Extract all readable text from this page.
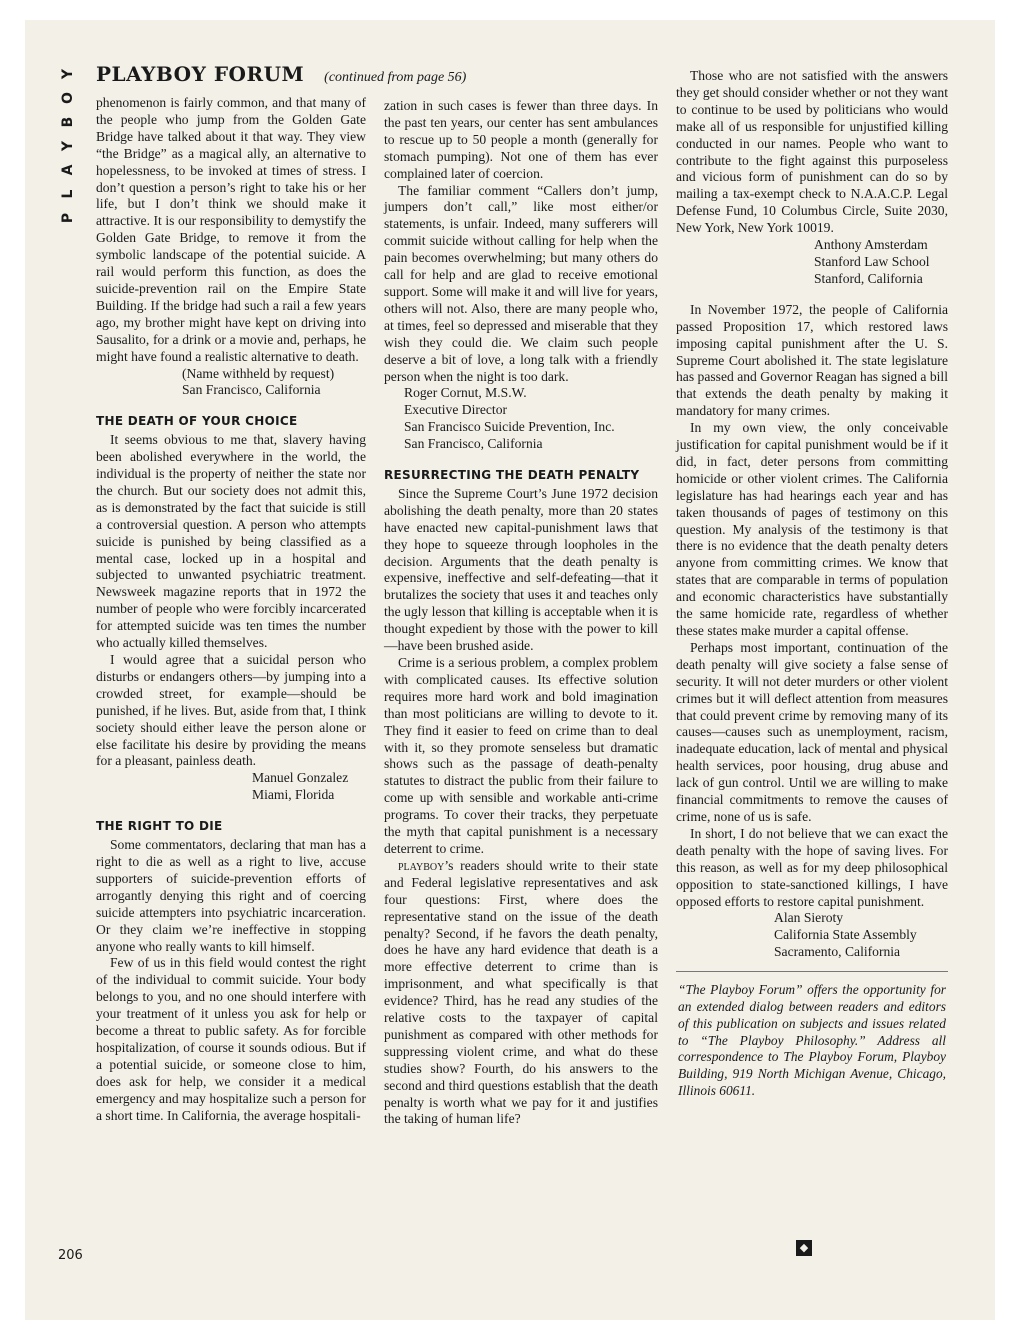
Y
O
B
Y
A
L
P
PLAYBOY FORUM (continued from page 56)

phenomenon is fairly common, and that many of the people who jump from the Golden Gate Bridge have talked about it that way. They view “the Bridge” as a magical ally, an alternative to hopelessness, to be invoked at times of stress. I don’t question a person’s right to take his or her life, but I don’t think we should make it attractive. It is our responsibility to demystify the Golden Gate Bridge, to remove it from the symbolic landscape of the potential suicide. A rail would perform this function, as does the suicide-prevention rail on the Empire State Building. If the bridge had such a rail a few years ago, my brother might have kept on driving into Sausalito, for a drink or a movie and, perhaps, he might have found a realistic alternative to death.

(Name withheld by request)
San Francisco, California
THE DEATH OF YOUR CHOICE

It seems obvious to me that, slavery having been abolished everywhere in the world, the individual is the property of neither the state nor the church. But our society does not admit this, as is demonstrated by the fact that suicide is still a controversial question. A person who attempts suicide is punished by being classified as a mental case, locked up in a hospital and subjected to unwanted psychiatric treatment. Newsweek magazine reports that in 1972 the number of people who were forcibly incarcerated for attempted suicide was ten times the number who actually killed themselves.

I would agree that a suicidal person who disturbs or endangers others—by jumping into a crowded street, for example—should be punished, if he lives. But, aside from that, I think society should either leave the person alone or else facilitate his desire by providing the means for a pleasant, painless death.

Manuel Gonzalez
Miami, Florida
THE RIGHT TO DIE

Some commentators, declaring that man has a right to die as well as a right to live, accuse supporters of suicide-prevention efforts of arrogantly denying this right and of coercing suicide attempters into psychiatric incarceration. Or they claim we’re ineffective in stopping anyone who really wants to kill himself.

Few of us in this field would contest the right of the individual to commit suicide. Your body belongs to you, and no one should interfere with your treatment of it unless you ask for help or become a threat to public safety. As for forcible hospitalization, of course it sounds odious. But if a potential suicide, or someone close to him, does ask for help, we consider it a medical emergency and may hospitalize such a person for a short time. In California, the average hospitali-

zation in such cases is fewer than three days. In the past ten years, our center has sent ambulances to rescue up to 50 people a month (generally for stomach pumping). Not one of them has ever complained later of coercion.

The familiar comment “Callers don’t jump, jumpers don’t call,” like most either/or statements, is unfair. Indeed, many sufferers will commit suicide without calling for help when the pain becomes overwhelming; but many others do call for help and are glad to receive emotional support. Some will make it and will live for years, others will not. Also, there are many people who, at times, feel so depressed and miserable that they wish they could die. We claim such people deserve a bit of love, a long talk with a friendly person when the night is too dark.

Roger Cornut, M.S.W.
Executive Director
San Francisco Suicide Prevention, Inc.
San Francisco, California
RESURRECTING THE DEATH PENALTY

Since the Supreme Court’s June 1972 decision abolishing the death penalty, more than 20 states have enacted new capital-punishment laws that they hope to squeeze through loopholes in the decision. Arguments that the death penalty is expensive, ineffective and self-defeating—that it brutalizes the society that uses it and teaches only the ugly lesson that killing is acceptable when it is thought expedient by those with the power to kill—have been brushed aside.

Crime is a serious problem, a complex problem with complicated causes. Its effective solution requires more hard work and bold imagination than most politicians are willing to devote to it. They find it easier to feed on crime than to deal with it, so they promote senseless but dramatic shows such as the passage of death-penalty statutes to distract the public from their failure to come up with sensible and workable anti-crime programs. To cover their tracks, they perpetuate the myth that capital punishment is a necessary deterrent to crime.

playboy’s readers should write to their state and Federal legislative representatives and ask four questions: First, where does the representative stand on the issue of the death penalty? Second, if he favors the death penalty, does he have any hard evidence that death is a more effective deterrent to crime than is imprisonment, and what specifically is that evidence? Third, has he read any studies of the relative costs to the taxpayer of capital punishment as compared with other methods for suppressing violent crime, and what do these studies show? Fourth, do his answers to the second and third questions establish that the death penalty is worth what we pay for it and justifies the taking of human life?

Those who are not satisfied with the answers they get should consider whether or not they want to continue to be used by politicians who would make all of us responsible for unjustified killing conducted in our names. People who want to contribute to the fight against this purposeless and vicious form of punishment can do so by mailing a tax-exempt check to N.A.A.C.P. Legal Defense Fund, 10 Columbus Circle, Suite 2030, New York, New York 10019.

Anthony Amsterdam
Stanford Law School
Stanford, California

In November 1972, the people of California passed Proposition 17, which restored laws imposing capital punishment after the U. S. Supreme Court abolished it. The state legislature has passed and Governor Reagan has signed a bill that extends the death penalty by making it mandatory for many crimes.

In my own view, the only conceivable justification for capital punishment would be if it did, in fact, deter persons from committing homicide or other violent crimes. The California legislature has had hearings each year and has taken thousands of pages of testimony on this question. My analysis of the testimony is that there is no evidence that the death penalty deters anyone from committing crimes. We know that states that are comparable in terms of population and economic characteristics have substantially the same homicide rate, regardless of whether these states make murder a capital offense.

Perhaps most important, continuation of the death penalty will give society a false sense of security. It will not deter murders or other violent crimes but it will deflect attention from measures that could prevent crime by removing many of its causes—causes such as unemployment, racism, inadequate education, lack of mental and physical health services, poor housing, drug abuse and lack of gun control. Until we are willing to make financial commitments to remove the causes of crime, none of us is safe.

In short, I do not believe that we can exact the death penalty with the hope of saving lives. For this reason, as well as for my deep philosophical opposition to state-sanctioned killings, I have opposed efforts to restore capital punishment.

Alan Sieroty
California State Assembly
Sacramento, California
“The Playboy Forum” offers the opportunity for an extended dialog between readers and editors of this publication on subjects and issues related to “The Playboy Philosophy.” Address all correspondence to The Playboy Forum, Playboy Building, 919 North Michigan Avenue, Chicago, Illinois 60611.
◆
206
